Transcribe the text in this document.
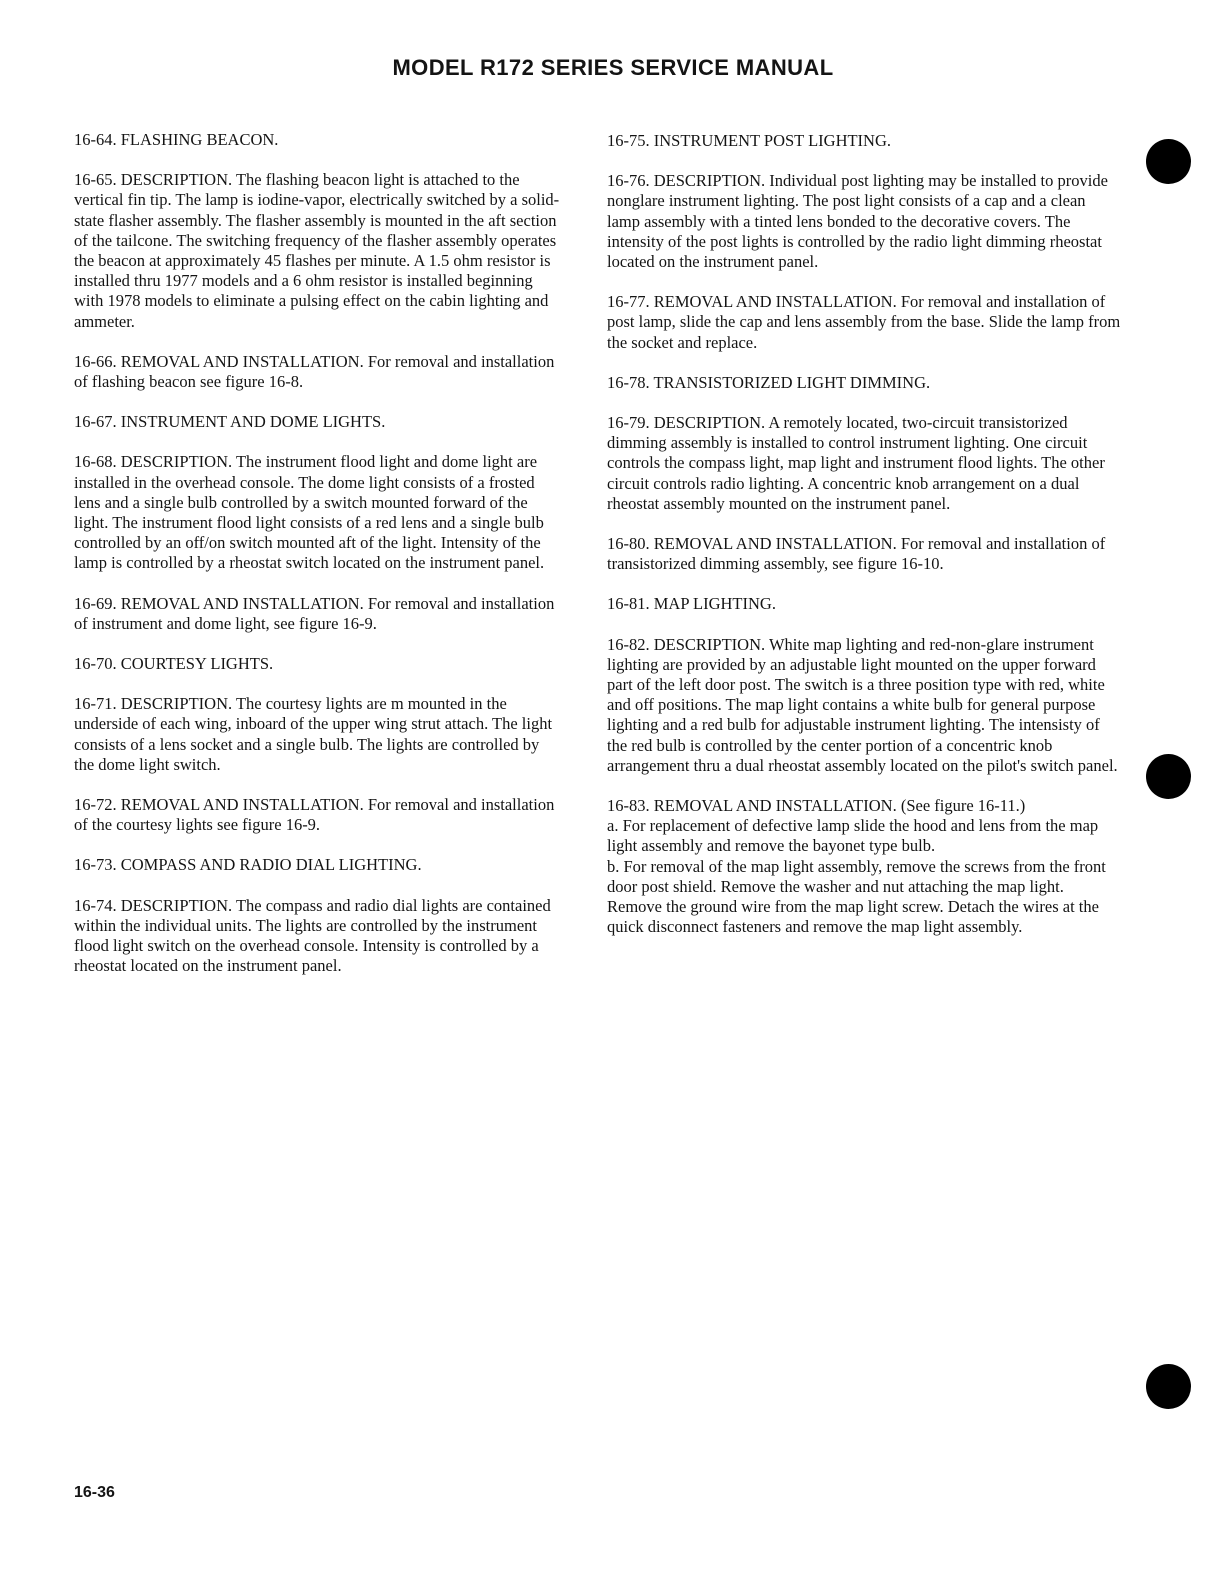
MODEL R172 SERIES SERVICE MANUAL

16-64. FLASHING BEACON.

16-65. DESCRIPTION. The flashing beacon light is attached to the vertical fin tip. The lamp is iodine-vapor, electrically switched by a solid-state flasher assembly. The flasher assembly is mounted in the aft section of the tailcone. The switching frequency of the flasher assembly operates the beacon at approximately 45 flashes per minute. A 1.5 ohm resistor is installed thru 1977 models and a 6 ohm resistor is installed beginning with 1978 models to eliminate a pulsing effect on the cabin lighting and ammeter.

16-66. REMOVAL AND INSTALLATION. For removal and installation of flashing beacon see figure 16-8.

16-67. INSTRUMENT AND DOME LIGHTS.

16-68. DESCRIPTION. The instrument flood light and dome light are installed in the overhead console. The dome light consists of a frosted lens and a single bulb controlled by a switch mounted forward of the light. The instrument flood light consists of a red lens and a single bulb controlled by an off/on switch mounted aft of the light. Intensity of the lamp is controlled by a rheostat switch located on the instrument panel.

16-69. REMOVAL AND INSTALLATION. For removal and installation of instrument and dome light, see figure 16-9.

16-70. COURTESY LIGHTS.

16-71. DESCRIPTION. The courtesy lights are m mounted in the underside of each wing, inboard of the upper wing strut attach. The light consists of a lens socket and a single bulb. The lights are controlled by the dome light switch.

16-72. REMOVAL AND INSTALLATION. For removal and installation of the courtesy lights see figure 16-9.

16-73. COMPASS AND RADIO DIAL LIGHTING.

16-74. DESCRIPTION. The compass and radio dial lights are contained within the individual units. The lights are controlled by the instrument flood light switch on the overhead console. Intensity is controlled by a rheostat located on the instrument panel.

16-75. INSTRUMENT POST LIGHTING.

16-76. DESCRIPTION. Individual post lighting may be installed to provide nonglare instrument lighting. The post light consists of a cap and a clean lamp assembly with a tinted lens bonded to the decorative covers. The intensity of the post lights is controlled by the radio light dimming rheostat located on the instrument panel.

16-77. REMOVAL AND INSTALLATION. For removal and installation of post lamp, slide the cap and lens assembly from the base. Slide the lamp from the socket and replace.

16-78. TRANSISTORIZED LIGHT DIMMING.

16-79. DESCRIPTION. A remotely located, two-circuit transistorized dimming assembly is installed to control instrument lighting. One circuit controls the compass light, map light and instrument flood lights. The other circuit controls radio lighting. A concentric knob arrangement on a dual rheostat assembly mounted on the instrument panel.

16-80. REMOVAL AND INSTALLATION. For removal and installation of transistorized dimming assembly, see figure 16-10.

16-81. MAP LIGHTING.

16-82. DESCRIPTION. White map lighting and red-non-glare instrument lighting are provided by an adjustable light mounted on the upper forward part of the left door post. The switch is a three position type with red, white and off positions. The map light contains a white bulb for general purpose lighting and a red bulb for adjustable instrument lighting. The intensisty of the red bulb is controlled by the center portion of a concentric knob arrangement thru a dual rheostat assembly located on the pilot's switch panel.

16-83. REMOVAL AND INSTALLATION. (See figure 16-11.)

a. For replacement of defective lamp slide the hood and lens from the map light assembly and remove the bayonet type bulb.

b. For removal of the map light assembly, remove the screws from the front door post shield. Remove the washer and nut attaching the map light. Remove the ground wire from the map light screw. Detach the wires at the quick disconnect fasteners and remove the map light assembly.

16-36
